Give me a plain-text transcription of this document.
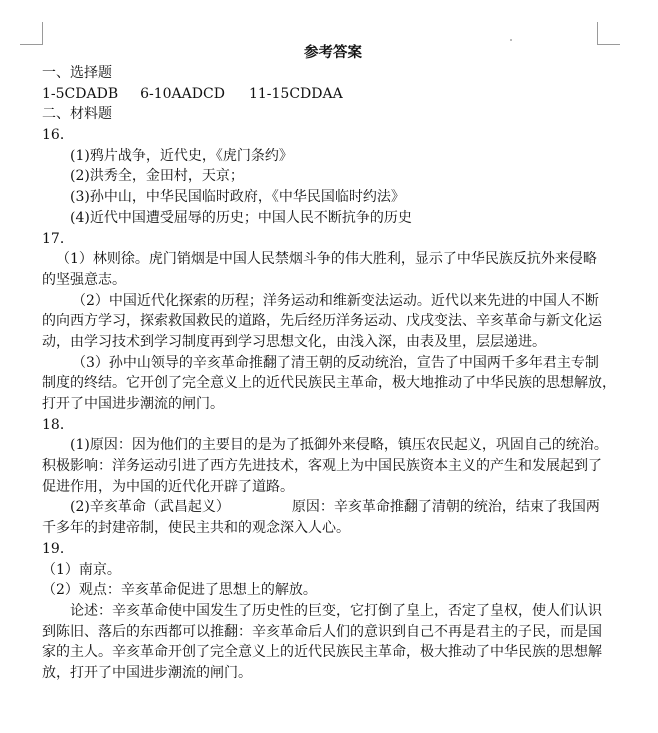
参考答案
一、选择题
1-5CDADB 6-10AADCD 11-15CDDAA
二、材料题
16．
(1)鸦片战争，近代史，《虎门条约》
(2)洪秀全，金田村，天京；
(3)孙中山，中华民国临时政府，《中华民国临时约法》
(4)近代中国遭受屈辱的历史；中国人民不断抗争的历史
17．
（1）林则徐。虎门销烟是中国人民禁烟斗争的伟大胜利，显示了中华民族反抗外来侵略
的坚强意志。
（2）中国近代化探索的历程；洋务运动和维新变法运动。近代以来先进的中国人不断
的向西方学习，探索救国救民的道路，先后经历洋务运动、戊戌变法、辛亥革命与新文化运
动，由学习技术到学习制度再到学习思想文化，由浅入深，由表及里，层层递进。
（3）孙中山领导的辛亥革命推翻了清王朝的反动统治，宣告了中国两千多年君主专制
制度的终结。它开创了完全意义上的近代民族民主革命，极大地推动了中华民族的思想解放，
打开了中国进步潮流的闸门。
18．
(1)原因：因为他们的主要目的是为了抵御外来侵略，镇压农民起义，巩固自己的统治。
积极影响：洋务运动引进了西方先进技术，客观上为中国民族资本主义的产生和发展起到了
促进作用，为中国的近代化开辟了道路。
(2)辛亥革命（武昌起义）	原因：辛亥革命推翻了清朝的统治，结束了我国两
千多年的封建帝制，使民主共和的观念深入人心。
19．
（1）南京。
（2）观点：辛亥革命促进了思想上的解放。
论述：辛亥革命使中国发生了历史性的巨变，它打倒了皇上，否定了皇权，使人们认识
到陈旧、落后的东西都可以推翻：辛亥革命后人们的意识到自己不再是君主的子民，而是国
家的主人。辛亥革命开创了完全意义上的近代民族民主革命，极大推动了中华民族的思想解
放，打开了中国进步潮流的闸门。
